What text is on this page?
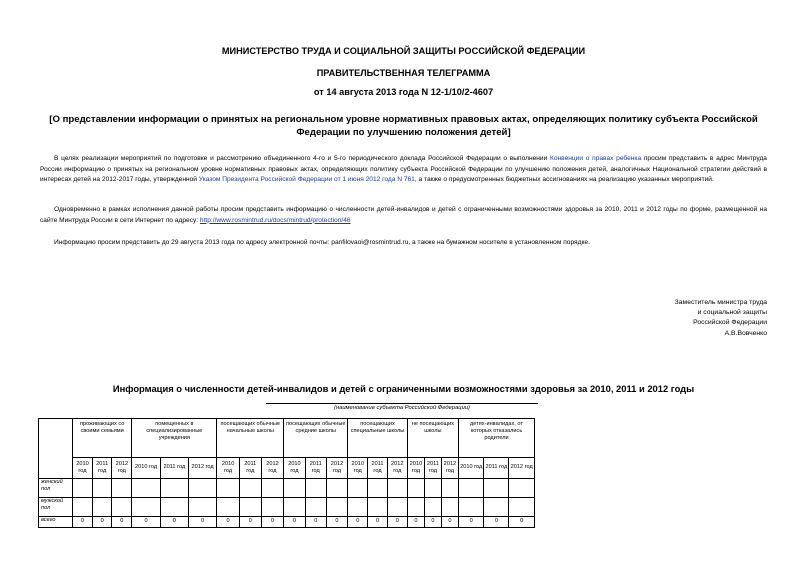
МИНИСТЕРСТВО ТРУДА И СОЦИАЛЬНОЙ ЗАЩИТЫ РОССИЙСКОЙ ФЕДЕРАЦИИ
ПРАВИТЕЛЬСТВЕННАЯ ТЕЛЕГРАММА
от 14 августа 2013 года N 12-1/10/2-4607
[О представлении информации о принятых на региональном уровне нормативных правовых актах, определяющих политику субъекта Российской Федерации по улучшению положения детей]
В целях реализации мероприятий по подготовке и рассмотрению объединенного 4-го и 5-го периодического доклада Российской Федерации о выполнении Конвенции о правах ребенка просим представить в адрес Минтруда России информацию о принятых на региональном уровне нормативных правовых актах, определяющих политику субъекта Российской Федерации по улучшению положения детей, аналогичных Национальной стратегии действий в интересах детей на 2012-2017 годы, утвержденной Указом Президента Российской Федерации от 1 июня 2012 года N 761, а также о предусмотренных бюджетных ассигнованиях на реализацию указанных мероприятий.
Одновременно в рамках исполнения данной работы просим представить информацию о численности детей-инвалидов и детей с ограниченными возможностями здоровья за 2010, 2011 и 2012 годы по форме, размещенной на сайте Минтруда России в сети Интернет по адресу: http://www.rosmintrud.ru/docs/mintrud/protection/46
Информацию просим представить до 29 августа 2013 года по адресу электронной почты: panfilovaoi@rosmintrud.ru, а также на бумажном носителе в установленном порядке.
Заместитель министра труда
и социальной защиты
Российской Федерации
А.В.Вовченко
Информация о численности детей-инвалидов и детей с ограниченными возможностями здоровья за 2010, 2011 и 2012 годы
(наименование субъекта Российской Федерации)
	проживающих со своими семьями			помещенных в специализированные учреждения			посещающих обычные начальные школы			посещающих обычные средние школы			посещающих специальные школы			не посещающих школы			детях-инвалидах, от которых отказались родители		
	2010 год	2011 год	2012 год	2010 год	2011 год	2012 год	2010 год	2011 год	2012 год	2010 год	2011 год	2012 год	2010 год	2011 год	2012 год	2010 год	2011 год	2012 год	2010 год	2011 год	2012 год
женский пол																					
мужской пол																					
всего	0	0	0	0	0	0	0	0	0	0	0	0	0	0	0	0	0	0	0	0	0
